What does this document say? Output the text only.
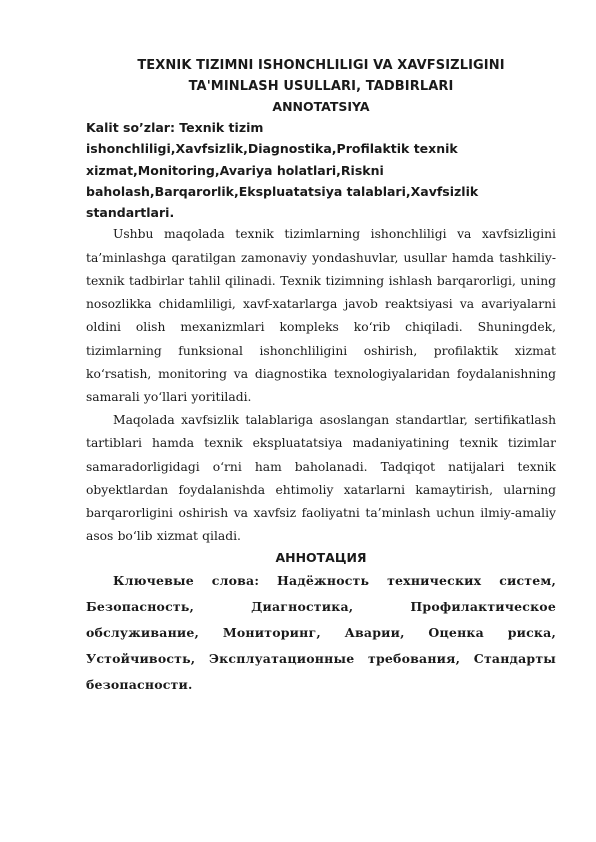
TEXNIK TIZIMNI ISHONCHLILIGI VA XAVFSIZLIGINI
TA'MINLASH USULLARI, TADBIRLARI
ANNOTATSIYA

Kalit so’zlar: Texnik tizim ishonchliligi,Xavfsizlik,Diagnostika,Profilaktik texnik xizmat,Monitoring,Avariya holatlari,Riskni baholash,Barqarorlik,Ekspluatatsiya talablari,Xavfsizlik standartlari.

Ushbu maqolada texnik tizimlarning ishonchliligi va xavfsizligini ta’minlashga qaratilgan zamonaviy yondashuvlar, usullar hamda tashkiliy-texnik tadbirlar tahlil qilinadi. Texnik tizimning ishlash barqarorligi, uning nosozlikka chidamliligi, xavf-xatarlarga javob reaktsiyasi va avariyalarni oldini olish mexanizmlari kompleks ko‘rib chiqiladi. Shuningdek, tizimlarning funksional ishonchliligini oshirish, profilaktik xizmat ko‘rsatish, monitoring va diagnostika texnologiyalaridan foydalanishning samarali yo‘llari yoritiladi.

Maqolada xavfsizlik talablariga asoslangan standartlar, sertifikatlash tartiblari hamda texnik ekspluatatsiya madaniyatining texnik tizimlar samaradorligidagi o‘rni ham baholanadi. Tadqiqot natijalari texnik obyektlardan foydalanishda ehtimoliy xatarlarni kamaytirish, ularning barqarorligini oshirish va xavfsiz faoliyatni ta’minlash uchun ilmiy-amaliy asos bo‘lib xizmat qiladi.

АННОТАЦИЯ

Ключевые слова: Надёжность технических систем, Безопасность, Диагностика, Профилактическое обслуживание, Мониторинг, Аварии, Оценка риска, Устойчивость, Эксплуатационные требования, Стандарты безопасности.
